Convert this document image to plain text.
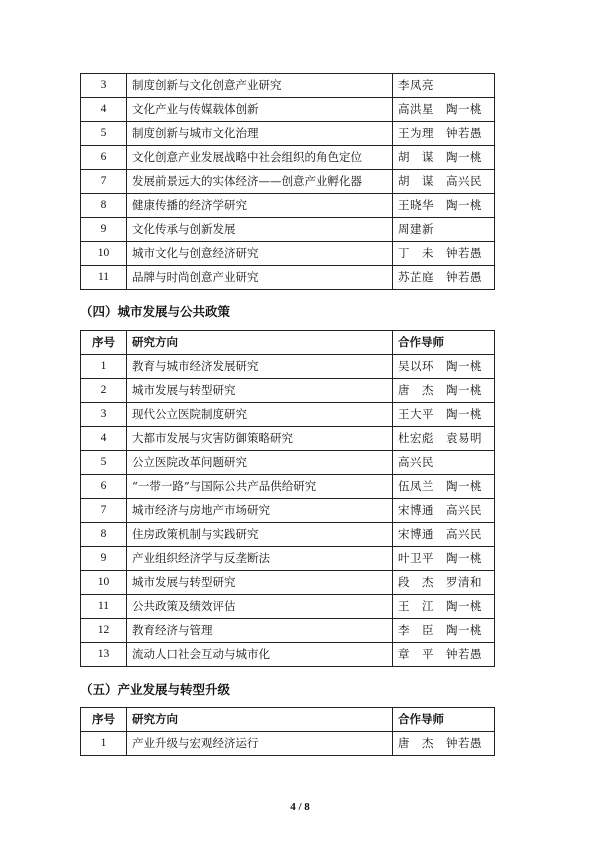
3	制度创新与文化创意产业研究	李凤亮
4	文化产业与传媒载体创新	高洪星　陶一桃
5	制度创新与城市文化治理	王为理　钟若愚
6	文化创意产业发展战略中社会组织的角色定位	胡　谋　陶一桃
7	发展前景远大的实体经济——创意产业孵化器	胡　谋　高兴民
8	健康传播的经济学研究	王晓华　陶一桃
9	文化传承与创新发展	周建新
10	城市文化与创意经济研究	丁　未　钟若愚
11	品牌与时尚创意产业研究	苏芷庭　钟若愚
（四）城市发展与公共政策
序号	研究方向	合作导师
1	教育与城市经济发展研究	吴以环　陶一桃
2	城市发展与转型研究	唐　杰　陶一桃
3	现代公立医院制度研究	王大平　陶一桃
4	大都市发展与灾害防御策略研究	杜宏彪　袁易明
5	公立医院改革问题研究	高兴民
6	“一带一路”与国际公共产品供给研究	伍凤兰　陶一桃
7	城市经济与房地产市场研究	宋博通　高兴民
8	住房政策机制与实践研究	宋博通　高兴民
9	产业组织经济学与反垄断法	叶卫平　陶一桃
10	城市发展与转型研究	段　杰　罗清和
11	公共政策及绩效评估	王　江　陶一桃
12	教育经济与管理	李　臣　陶一桃
13	流动人口社会互动与城市化	章　平　钟若愚
（五）产业发展与转型升级
序号	研究方向	合作导师
1	产业升级与宏观经济运行	唐　杰　钟若愚
4 / 8
